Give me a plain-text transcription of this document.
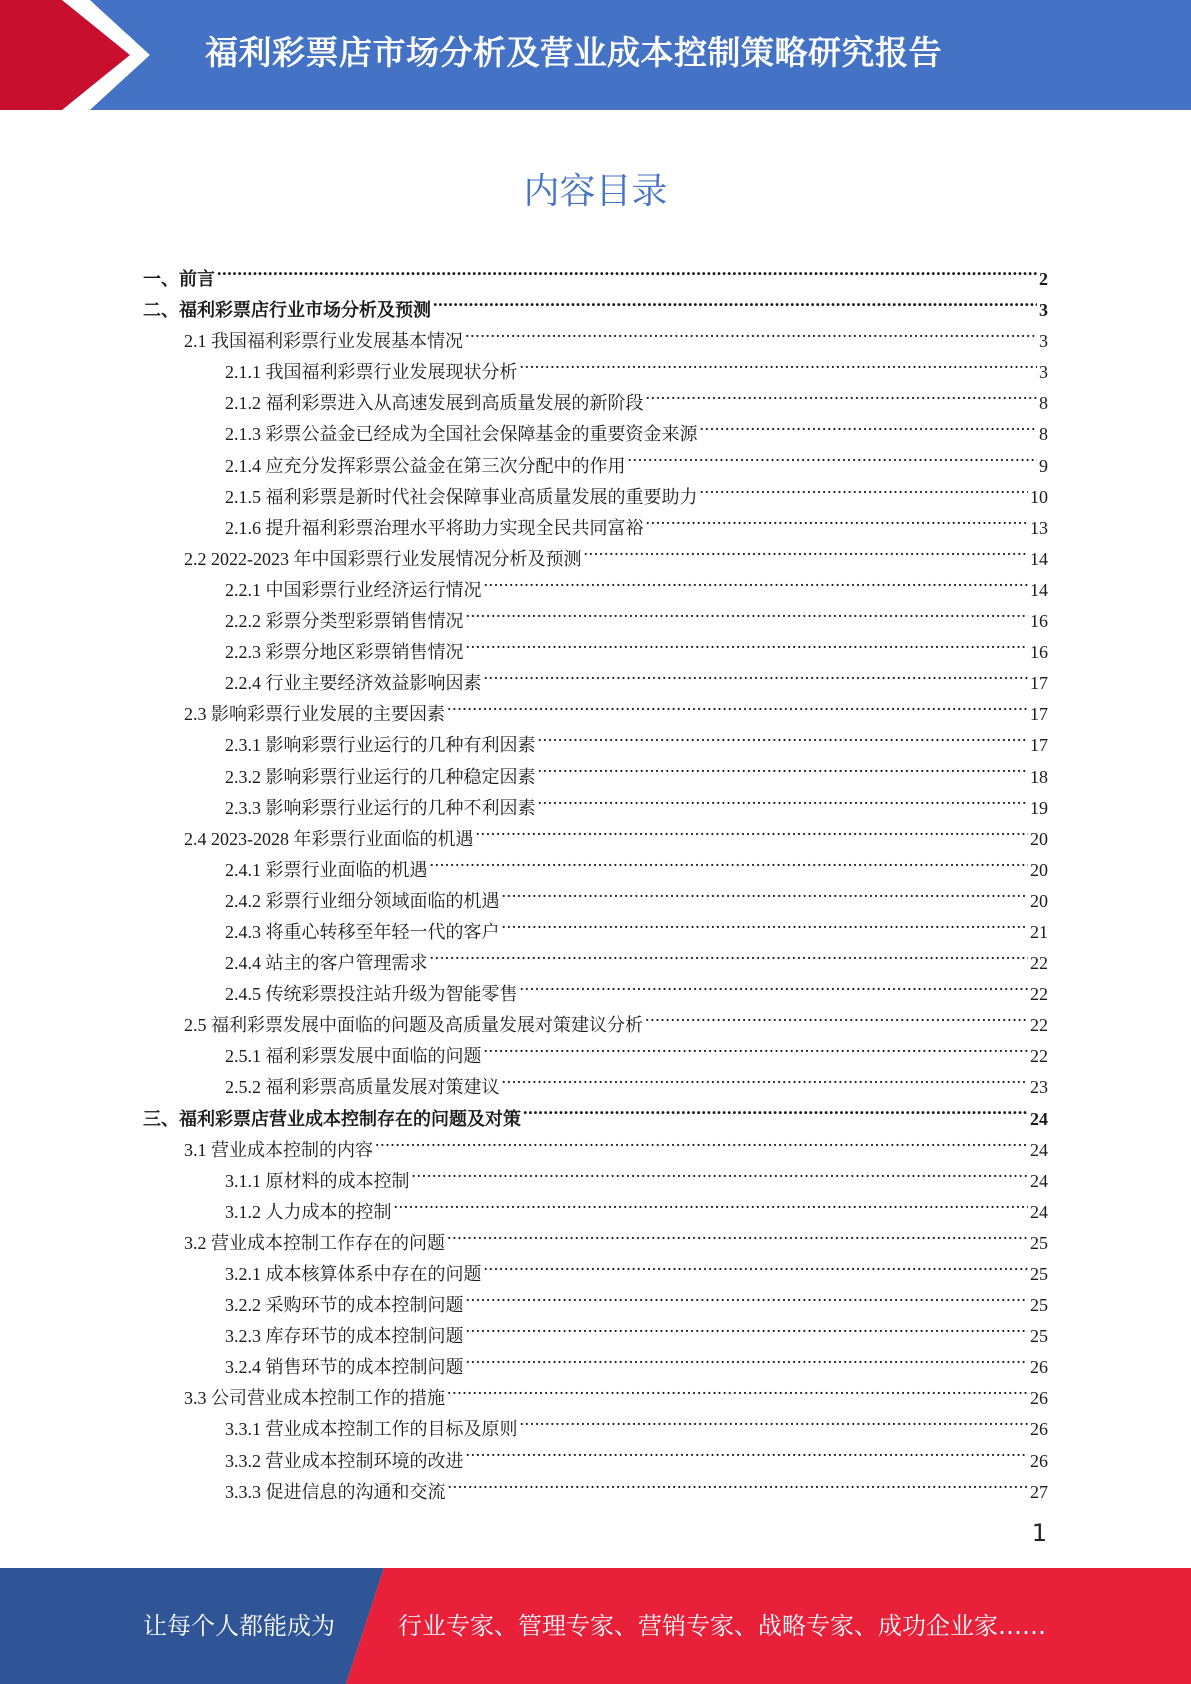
福利彩票店市场分析及营业成本控制策略研究报告
内容目录
一、前言 .....	2
二、福利彩票店行业市场分析及预测 .....	3
2.1 我国福利彩票行业发展基本情况 .....	3
2.1.1 我国福利彩票行业发展现状分析 .....	3
2.1.2 福利彩票进入从高速发展到高质量发展的新阶段 .....	8
2.1.3 彩票公益金已经成为全国社会保障基金的重要资金来源 .....	8
2.1.4 应充分发挥彩票公益金在第三次分配中的作用 .....	9
2.1.5 福利彩票是新时代社会保障事业高质量发展的重要助力 .....	10
2.1.6 提升福利彩票治理水平将助力实现全民共同富裕 .....	13
2.2 2022-2023 年中国彩票行业发展情况分析及预测 .....	14
2.2.1 中国彩票行业经济运行情况 .....	14
2.2.2 彩票分类型彩票销售情况 .....	16
2.2.3 彩票分地区彩票销售情况 .....	16
2.2.4 行业主要经济效益影响因素 .....	17
2.3 影响彩票行业发展的主要因素 .....	17
2.3.1 影响彩票行业运行的几种有利因素 .....	17
2.3.2 影响彩票行业运行的几种稳定因素 .....	18
2.3.3 影响彩票行业运行的几种不利因素 .....	19
2.4 2023-2028 年彩票行业面临的机遇 .....	20
2.4.1 彩票行业面临的机遇 .....	20
2.4.2 彩票行业细分领域面临的机遇 .....	20
2.4.3 将重心转移至年轻一代的客户 .....	21
2.4.4 站主的客户管理需求 .....	22
2.4.5 传统彩票投注站升级为智能零售 .....	22
2.5 福利彩票发展中面临的问题及高质量发展对策建议分析 .....	22
2.5.1 福利彩票发展中面临的问题 .....	22
2.5.2 福利彩票高质量发展对策建议 .....	23
三、福利彩票店营业成本控制存在的问题及对策 .....	24
3.1 营业成本控制的内容 .....	24
3.1.1 原材料的成本控制 .....	24
3.1.2 人力成本的控制 .....	24
3.2 营业成本控制工作存在的问题 .....	25
3.2.1 成本核算体系中存在的问题 .....	25
3.2.2 采购环节的成本控制问题 .....	25
3.2.3 库存环节的成本控制问题 .....	25
3.2.4 销售环节的成本控制问题 .....	26
3.3 公司营业成本控制工作的措施 .....	26
3.3.1 营业成本控制工作的目标及原则 .....	26
3.3.2 营业成本控制环境的改进 .....	26
3.3.3 促进信息的沟通和交流 .....	27
1
让每个人都能成为	行业专家、管理专家、营销专家、战略专家、成功企业家……
